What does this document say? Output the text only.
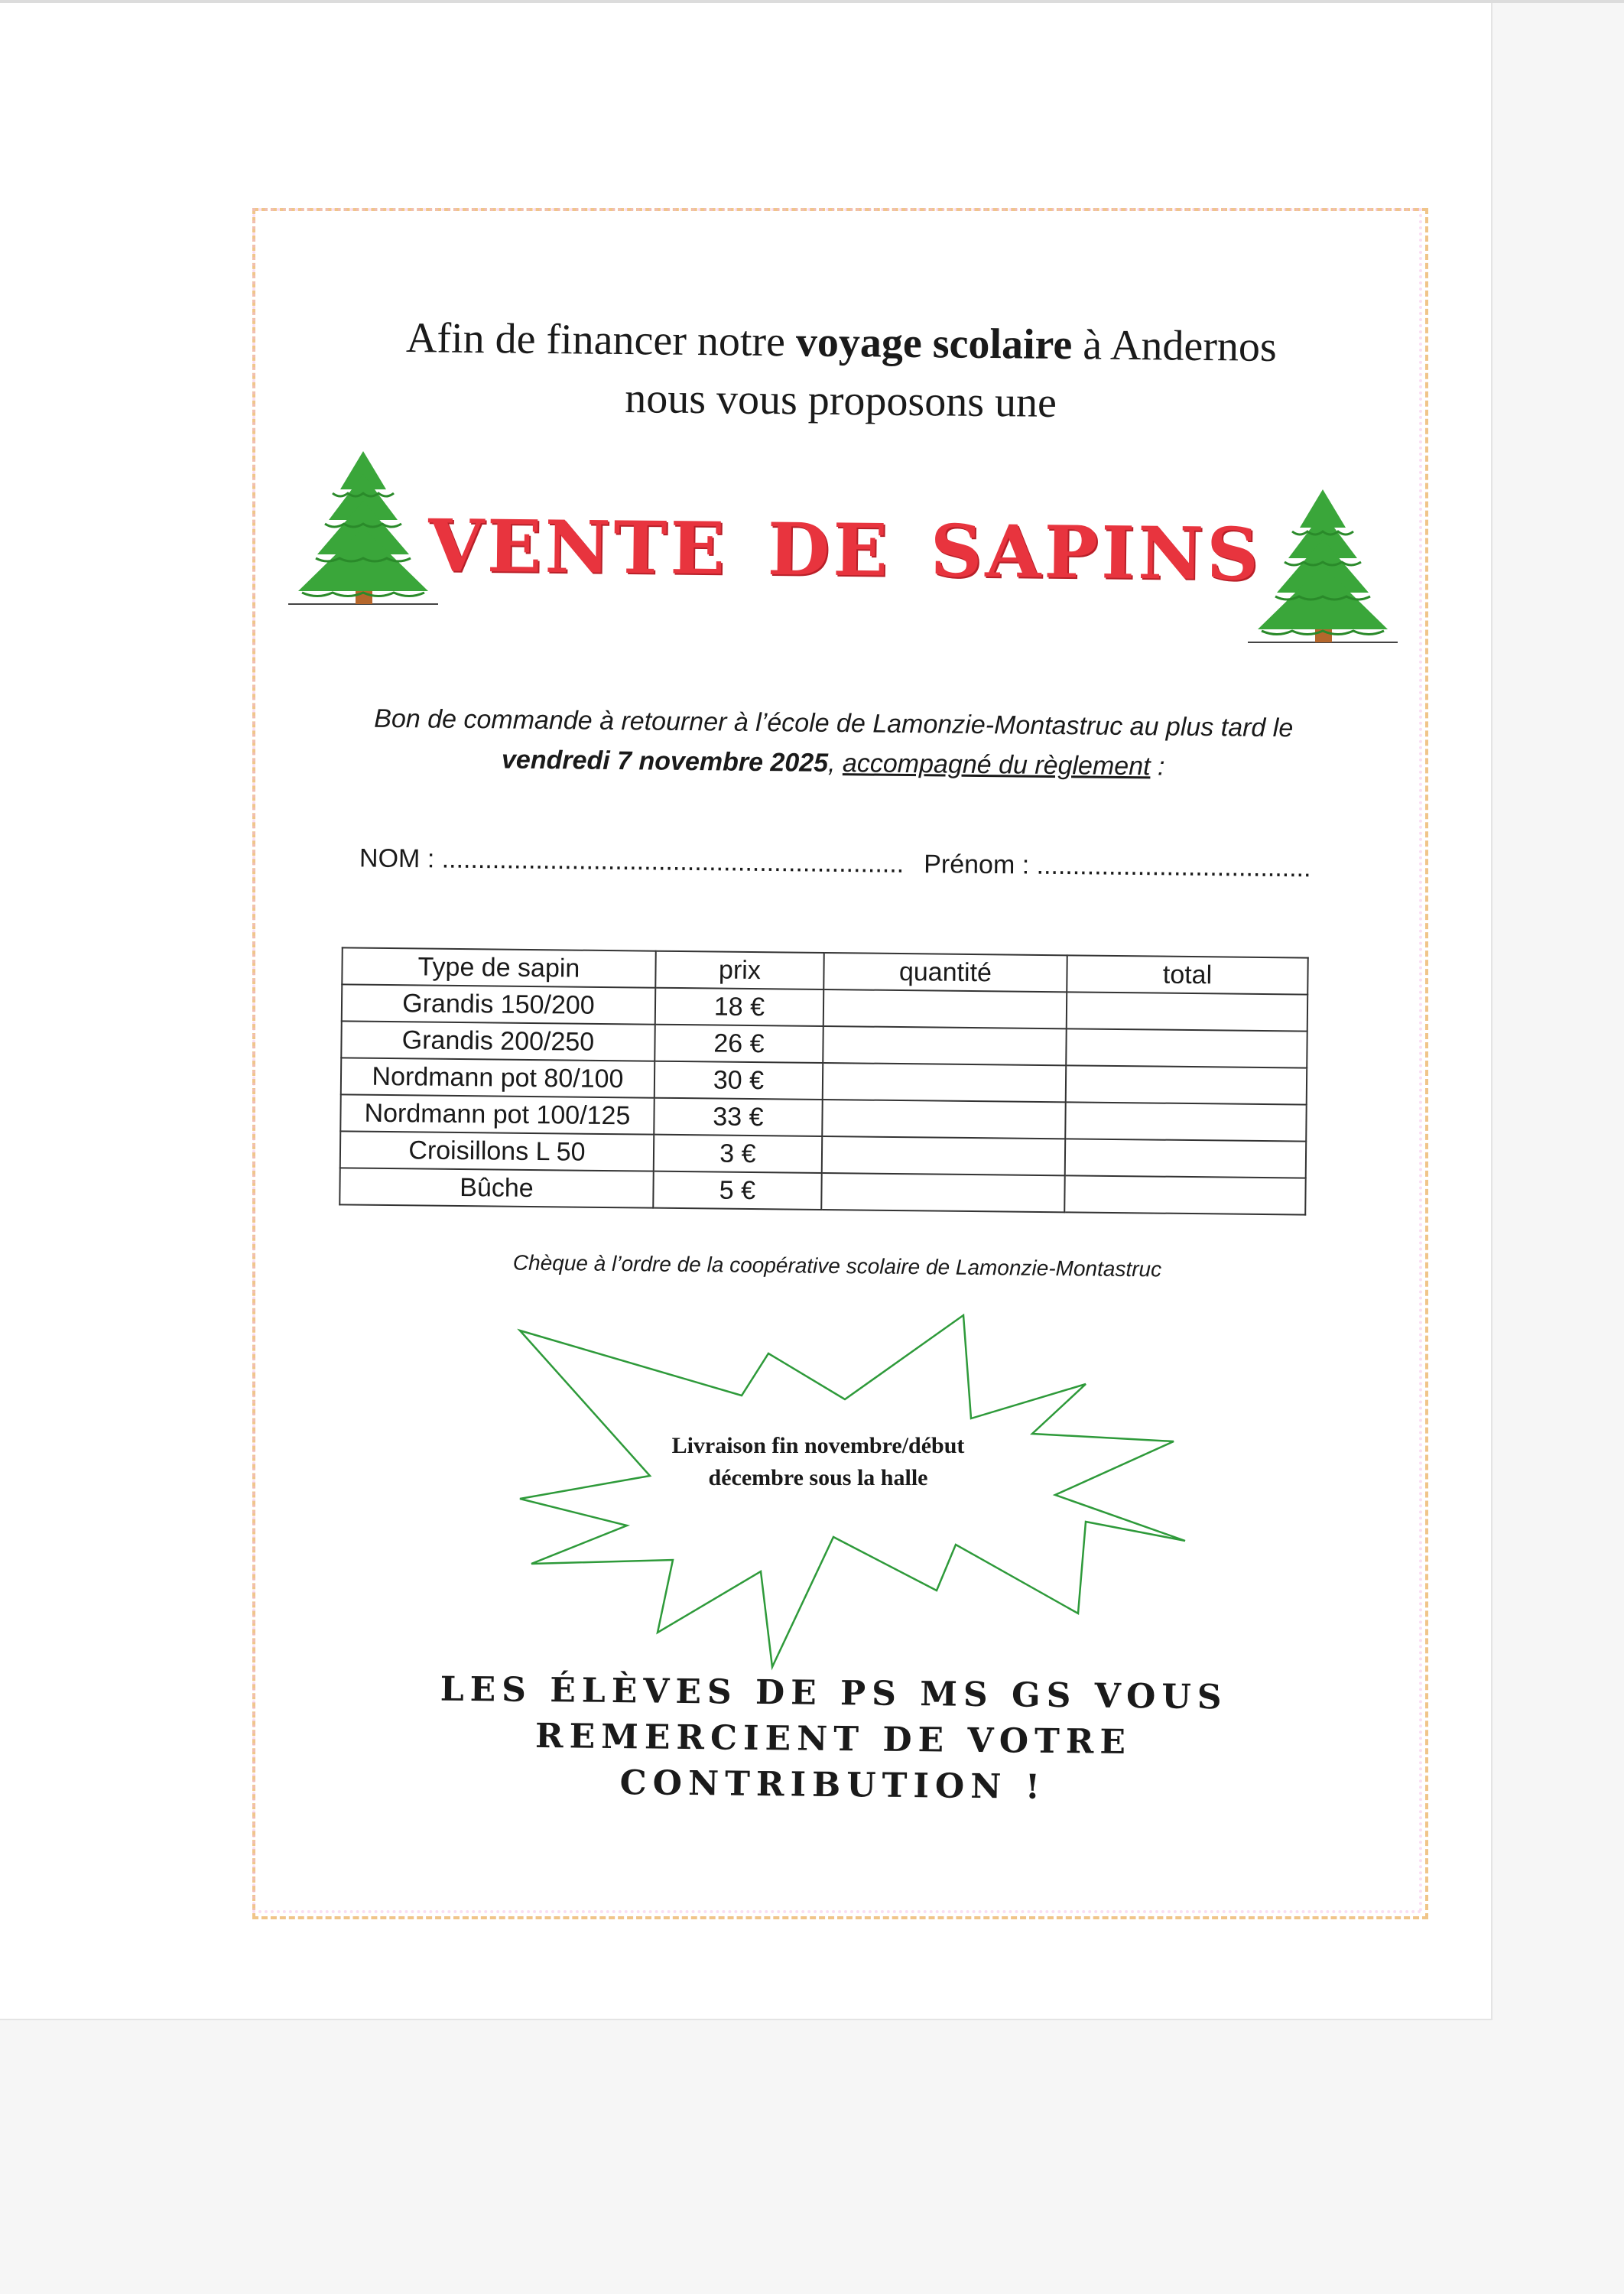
Afin de financer notre voyage scolaire à Andernos
nous vous proposons une
VENTE DE SAPINS
Bon de commande à retourner à l’école de Lamonzie-Montastruc au plus tard le
vendredi 7 novembre 2025, accompagné du règlement :
NOM : ................................................................ Prénom : ......................................
Type de sapin	prix	quantité	total
Grandis 150/200	18 €		
Grandis 200/250	26 €		
Nordmann pot 80/100	30 €		
Nordmann pot 100/125	33 €		
Croisillons L 50	3 €		
Bûche	5 €		
Chèque à l’ordre de la coopérative scolaire de Lamonzie-Montastruc
Livraison fin novembre/début
décembre sous la halle
LES ÉLÈVES DE PS MS GS VOUS
REMERCIENT DE VOTRE
CONTRIBUTION !
